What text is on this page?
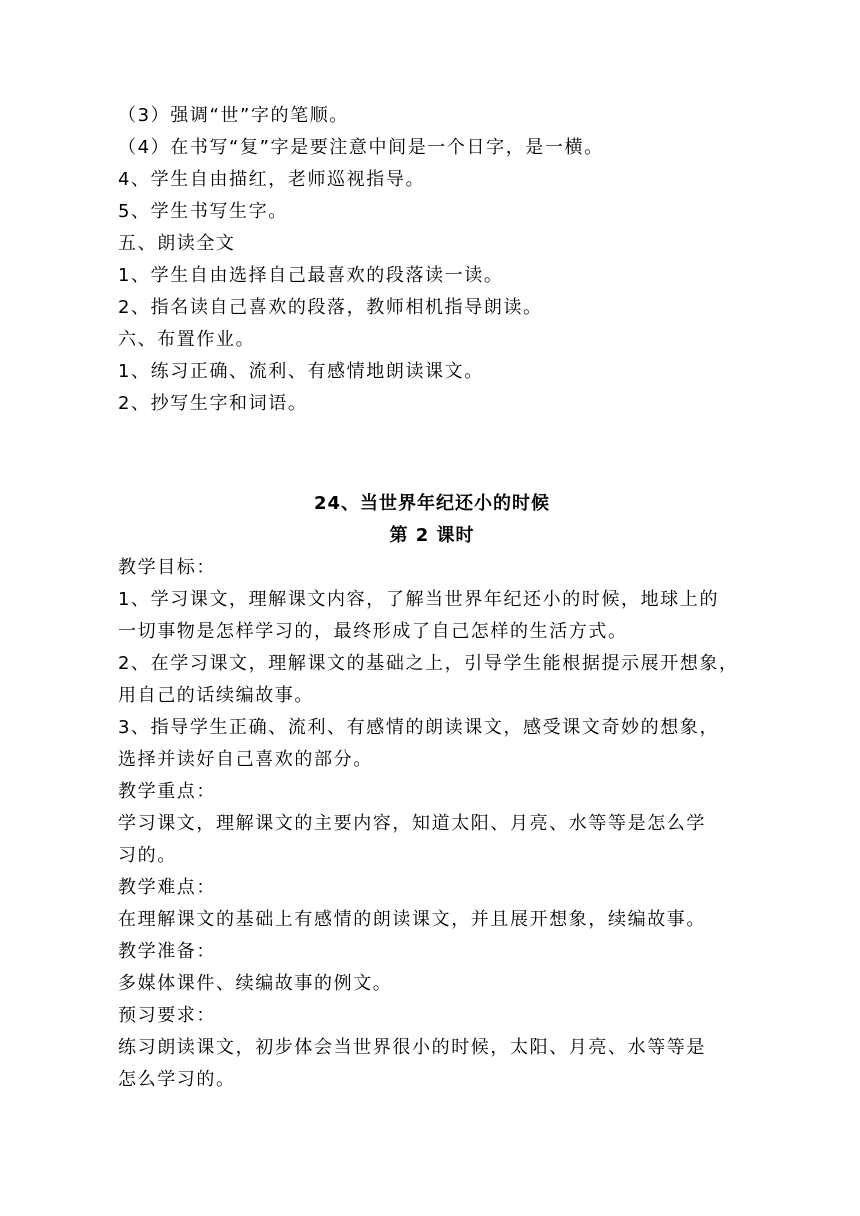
（3）强调“世”字的笔顺。

（4）在书写“复”字是要注意中间是一个日字，是一横。

4、学生自由描红，老师巡视指导。

5、学生书写生字。

五、朗读全文

1、学生自由选择自己最喜欢的段落读一读。

2、指名读自己喜欢的段落，教师相机指导朗读。

六、布置作业。

1、练习正确、流利、有感情地朗读课文。

2、抄写生字和词语。

24、当世界年纪还小的时候

第 2 课时

教学目标：

1、学习课文，理解课文内容，了解当世界年纪还小的时候，地球上的

一切事物是怎样学习的，最终形成了自己怎样的生活方式。

2、在学习课文，理解课文的基础之上，引导学生能根据提示展开想象，

用自己的话续编故事。

3、指导学生正确、流利、有感情的朗读课文，感受课文奇妙的想象，

选择并读好自己喜欢的部分。

教学重点：

学习课文，理解课文的主要内容，知道太阳、月亮、水等等是怎么学

习的。

教学难点：

在理解课文的基础上有感情的朗读课文，并且展开想象，续编故事。

教学准备：

多媒体课件、续编故事的例文。

预习要求：

练习朗读课文，初步体会当世界很小的时候，太阳、月亮、水等等是

怎么学习的。
